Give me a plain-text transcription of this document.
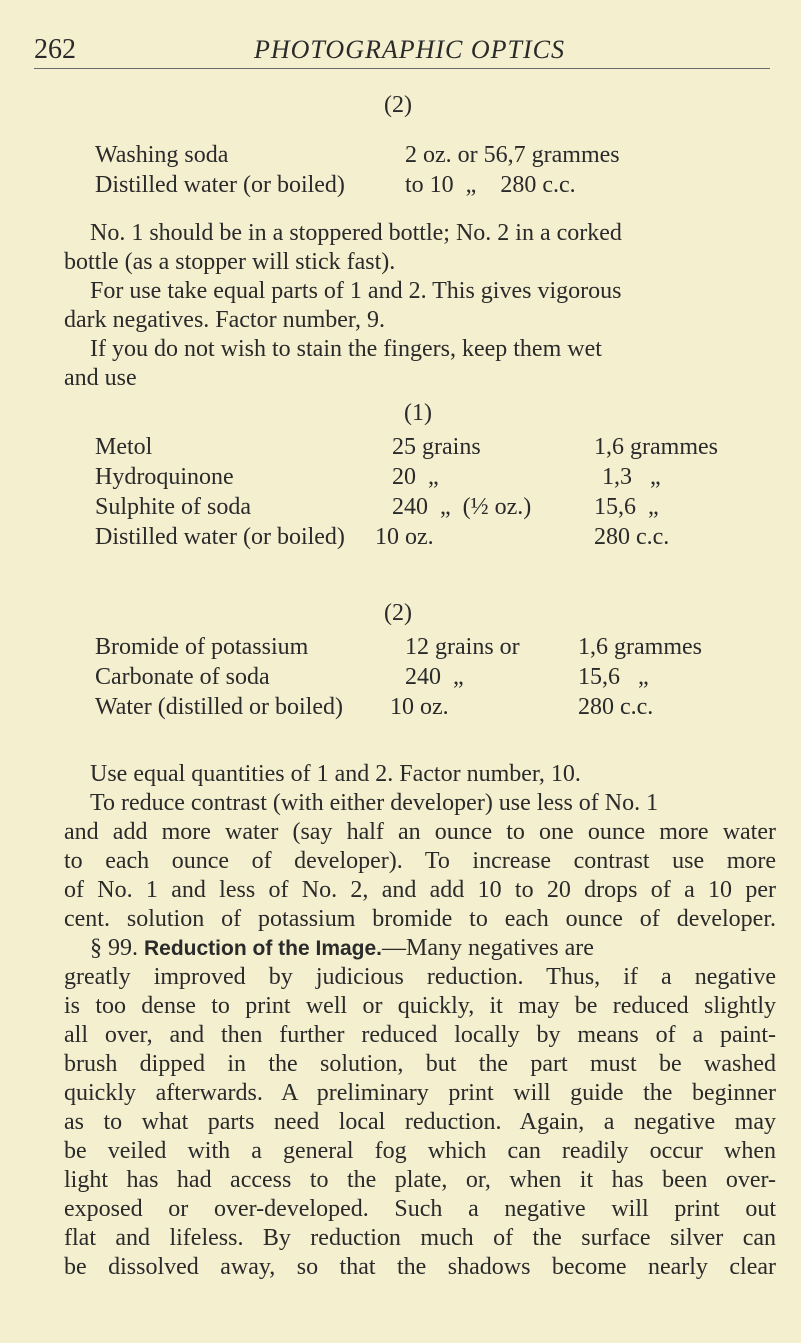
262	PHOTOGRAPHIC OPTICS
(2)
Washing soda	2 oz. or 56,7 grammes
Distilled water (or boiled)	to 10  „    280 c.c.
No. 1 should be in a stoppered bottle; No. 2 in a corked
bottle (as a stopper will stick fast).
For use take equal parts of 1 and 2. This gives vigorous
dark negatives. Factor number, 9.
If you do not wish to stain the fingers, keep them wet
and use
(1)
Metol	25 grains	1,6 grammes
Hydroquinone	20  „	1,3   „
Sulphite of soda	240  „  (½ oz.)	15,6  „
Distilled water (or boiled) 10 oz.	280 c.c.
(2)
Bromide of potassium	12 grains or 1,6 grammes
Carbonate of soda	240  „	15,6   „
Water (distilled or boiled) 10 oz.	280 c.c.
Use equal quantities of 1 and 2. Factor number, 10.
To reduce contrast (with either developer) use less of No. 1
and add more water (say half an ounce to one ounce more water
to each ounce of developer). To increase contrast use more
of No. 1 and less of No. 2, and add 10 to 20 drops of a 10 per
cent. solution of potassium bromide to each ounce of developer.
§ 99. Reduction of the Image.—Many negatives are
greatly improved by judicious reduction. Thus, if a negative
is too dense to print well or quickly, it may be reduced slightly
all over, and then further reduced locally by means of a paint-
brush dipped in the solution, but the part must be washed
quickly afterwards. A preliminary print will guide the beginner
as to what parts need local reduction. Again, a negative may
be veiled with a general fog which can readily occur when
light has had access to the plate, or, when it has been over-
exposed or over-developed. Such a negative will print out
flat and lifeless. By reduction much of the surface silver can
be dissolved away, so that the shadows become nearly clear
